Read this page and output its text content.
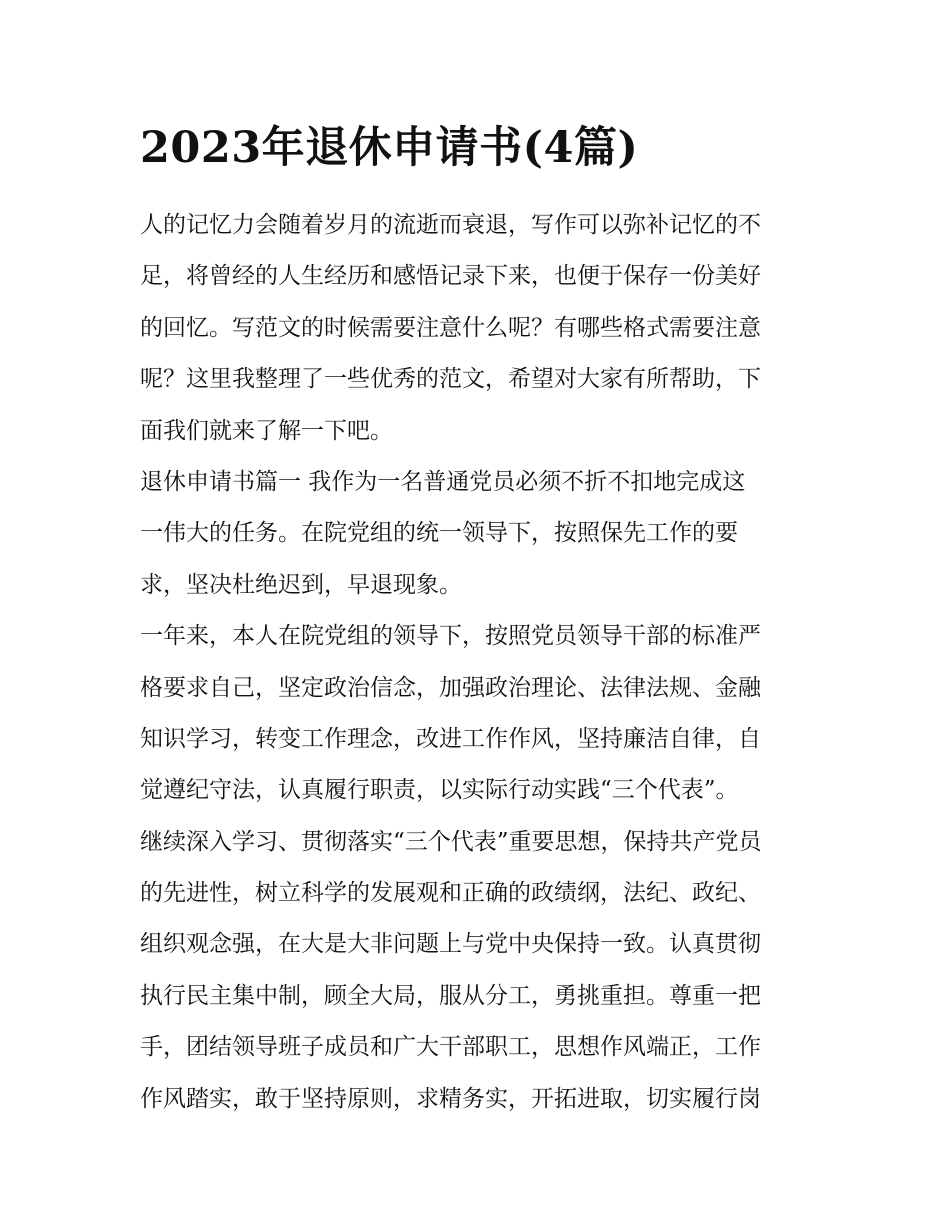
2023年退休申请书(4篇)

人的记忆力会随着岁月的流逝而衰退，写作可以弥补记忆的不
足，将曾经的人生经历和感悟记录下来，也便于保存一份美好
的回忆。写范文的时候需要注意什么呢？有哪些格式需要注意
呢？这里我整理了一些优秀的范文，希望对大家有所帮助，下
面我们就来了解一下吧。

退休申请书篇一 我作为一名普通党员必须不折不扣地完成这
一伟大的任务。在院党组的统一领导下，按照保先工作的要
求，坚决杜绝迟到，早退现象。

一年来，本人在院党组的领导下，按照党员领导干部的标准严
格要求自己，坚定政治信念，加强政治理论、法律法规、金融
知识学习，转变工作理念，改进工作作风，坚持廉洁自律，自
觉遵纪守法，认真履行职责，以实际行动实践“三个代表”。

继续深入学习、贯彻落实“三个代表”重要思想，保持共产党员
的先进性，树立科学的发展观和正确的政绩纲，法纪、政纪、
组织观念强，在大是大非问题上与党中央保持一致。认真贯彻
执行民主集中制，顾全大局，服从分工，勇挑重担。尊重一把
手，团结领导班子成员和广大干部职工，思想作风端正，工作
作风踏实，敢于坚持原则，求精务实，开拓进取，切实履行岗
